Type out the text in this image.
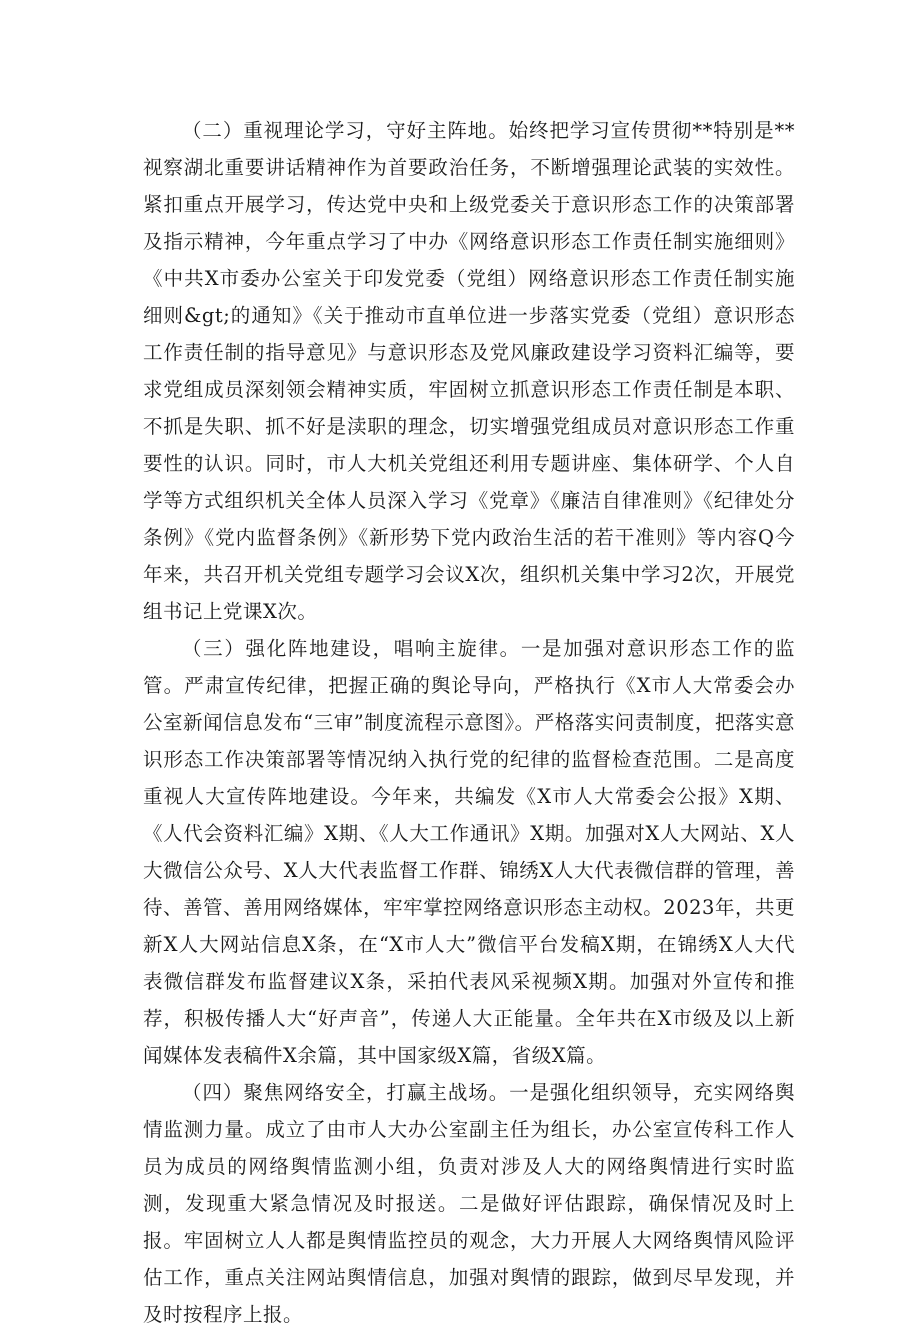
（二）重视理论学习，守好主阵地。始终把学习宣传贯彻**特别是**视察湖北重要讲话精神作为首要政治任务，不断增强理论武装的实效性。紧扣重点开展学习，传达党中央和上级党委关于意识形态工作的决策部署及指示精神，今年重点学习了中办《网络意识形态工作责任制实施细则》《中共X市委办公室关于印发党委（党组）网络意识形态工作责任制实施细则&gt;的通知》《关于推动市直单位进一步落实党委（党组）意识形态工作责任制的指导意见》与意识形态及党风廉政建设学习资料汇编等，要求党组成员深刻领会精神实质，牢固树立抓意识形态工作责任制是本职、不抓是失职、抓不好是渎职的理念，切实增强党组成员对意识形态工作重要性的认识。同时，市人大机关党组还利用专题讲座、集体研学、个人自学等方式组织机关全体人员深入学习《党章》《廉洁自律准则》《纪律处分条例》《党内监督条例》《新形势下党内政治生活的若干准则》等内容Q今年来，共召开机关党组专题学习会议X次，组织机关集中学习2次，开展党组书记上党课X次。

（三）强化阵地建设，唱响主旋律。一是加强对意识形态工作的监管。严肃宣传纪律，把握正确的舆论导向，严格执行《X市人大常委会办公室新闻信息发布“三审”制度流程示意图》。严格落实问责制度，把落实意识形态工作决策部署等情况纳入执行党的纪律的监督检查范围。二是高度重视人大宣传阵地建设。今年来，共编发《X市人大常委会公报》X期、《人代会资料汇编》X期、《人大工作通讯》X期。加强对X人大网站、X人大微信公众号、X人大代表监督工作群、锦绣X人大代表微信群的管理，善待、善管、善用网络媒体，牢牢掌控网络意识形态主动权。2023年，共更新X人大网站信息X条，在“X市人大”微信平台发稿X期，在锦绣X人大代表微信群发布监督建议X条，采拍代表风采视频X期。加强对外宣传和推荐，积极传播人大“好声音”，传递人大正能量。全年共在X市级及以上新闻媒体发表稿件X余篇，其中国家级X篇，省级X篇。

（四）聚焦网络安全，打赢主战场。一是强化组织领导，充实网络舆情监测力量。成立了由市人大办公室副主任为组长，办公室宣传科工作人员为成员的网络舆情监测小组，负责对涉及人大的网络舆情进行实时监测，发现重大紧急情况及时报送。二是做好评估跟踪，确保情况及时上报。牢固树立人人都是舆情监控员的观念，大力开展人大网络舆情风险评估工作，重点关注网站舆情信息，加强对舆情的跟踪，做到尽早发现，并及时按程序上报。
